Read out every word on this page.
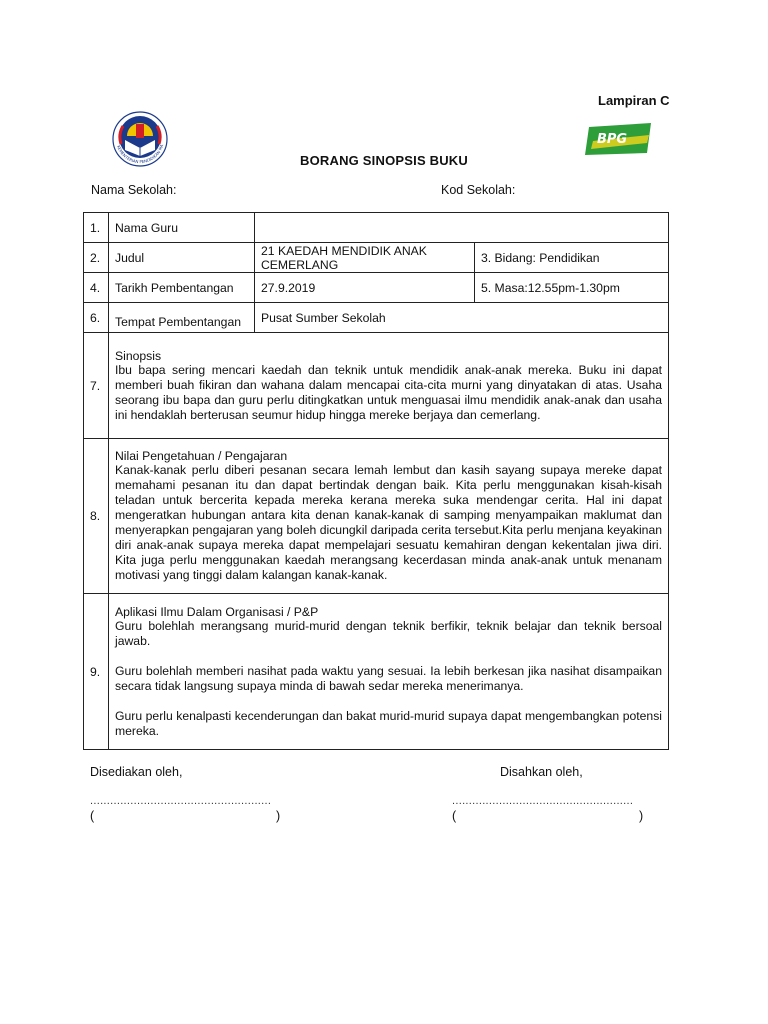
Lampiran C
KEMENTERIAN PENDIDIKAN MA	BPG
BORANG SINOPSIS BUKU
Nama Sekolah:	Kod Sekolah:
1.	Nama Guru		
2.	Judul	21 KAEDAH MENDIDIK ANAK CEMERLANG	3. Bidang: Pendidikan
4.	Tarikh Pembentangan	27.9.2019	5. Masa:12.55pm-1.30pm
6.	Tempat Pembentangan	Pusat Sumber Sekolah	
7.	Sinopsis

Ibu bapa sering mencari kaedah dan teknik untuk mendidik anak-anak mereka. Buku ini dapat memberi buah fikiran dan wahana dalam mencapai cita-cita murni yang dinyatakan di atas. Usaha seorang ibu bapa dan guru perlu ditingkatkan untuk menguasai ilmu mendidik anak-anak dan usaha ini hendaklah berterusan seumur hidup hingga mereke berjaya dan cemerlang.		

8.	Nilai Pengetahuan / Pengajaran

Kanak-kanak perlu diberi pesanan secara lemah lembut dan kasih sayang supaya mereke dapat memahami pesanan itu dan dapat bertindak dengan baik. Kita perlu menggunakan kisah-kisah teladan untuk bercerita kepada mereka kerana mereka suka mendengar cerita. Hal ini dapat mengeratkan hubungan antara kita denan kanak-kanak di samping menyampaikan maklumat dan menyerapkan pengajaran yang boleh dicungkil daripada cerita tersebut.Kita perlu menjana keyakinan diri anak-anak supaya mereka dapat mempelajari sesuatu kemahiran dengan kekentalan jiwa diri. Kita juga perlu menggunakan kaedah merangsang kecerdasan minda anak-anak untuk menanam motivasi yang tinggi dalam kalangan kanak-kanak.		

9.	Aplikasi Ilmu Dalam Organisasi / P&P

Guru bolehlah merangsang murid-murid dengan teknik berfikir, teknik belajar dan teknik bersoal jawab.

Guru bolehlah memberi nasihat pada waktu yang sesuai. Ia lebih berkesan jika nasihat disampaikan secara tidak langsung supaya minda di bawah sedar mereka menerimanya.

Guru perlu kenalpasti kecenderungan dan bakat murid-murid supaya dapat mengembangkan potensi mereka.		

Disediakan oleh,	Disahkan oleh,
......................................................	......................................................
(	)	(	)
